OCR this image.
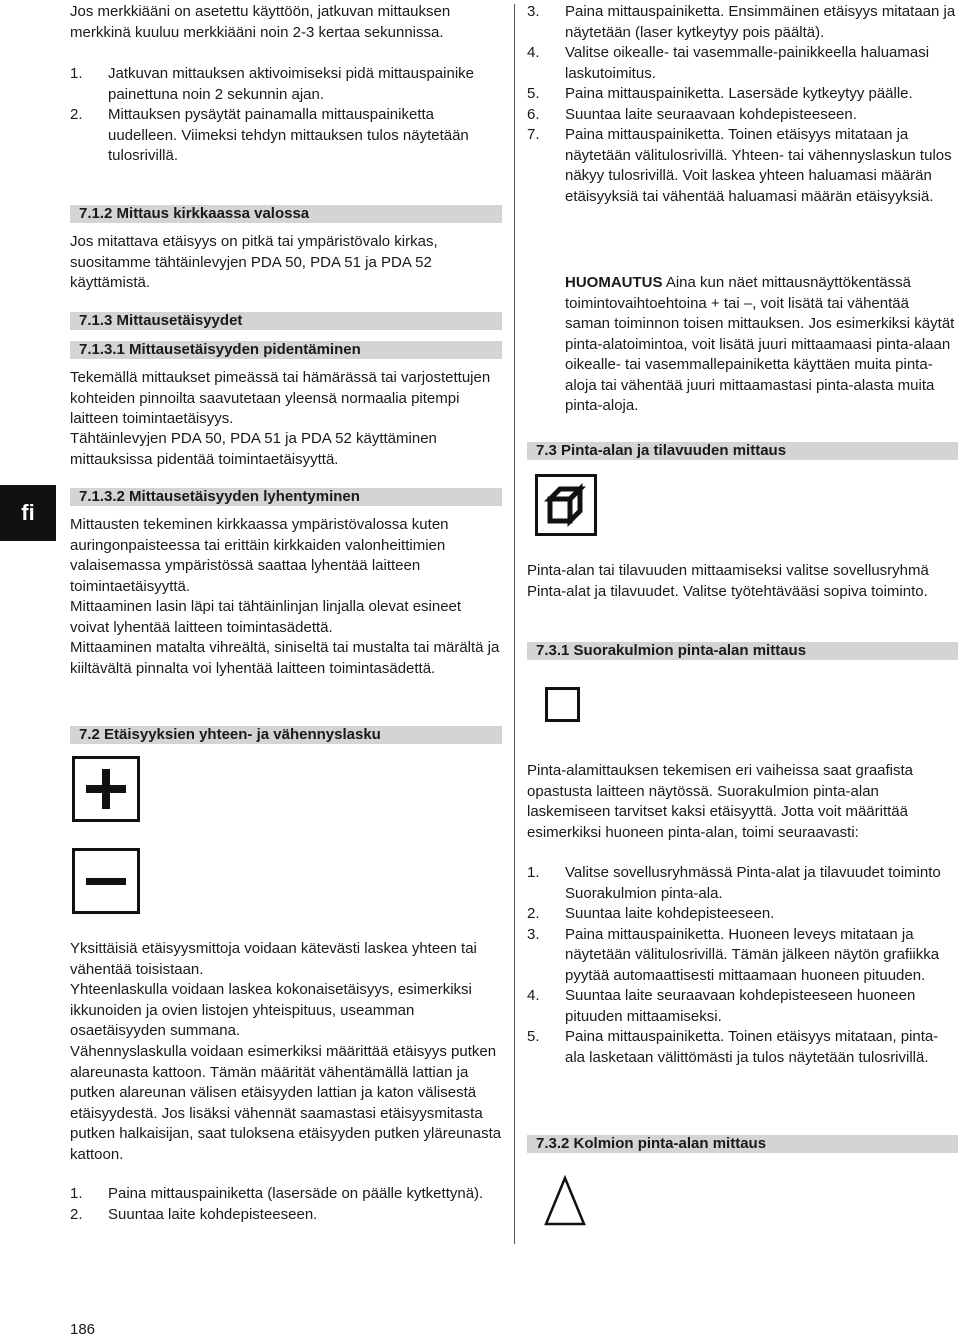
fi

Jos merkkiääni on asetettu käyttöön, jatkuvan mittauksen merkkinä kuuluu merkkiääni noin 2-3 kertaa sekunnissa.

1.	Jatkuvan mittauksen aktivoimiseksi pidä mittauspainike painettuna noin 2 sekunnin ajan.
2.	Mittauksen pysäytät painamalla mittauspainiketta uudelleen. Viimeksi tehdyn mittauksen tulos näytetään tulosrivillä.
7.1.2 Mittaus kirkkaassa valossa

Jos mitattava etäisyys on pitkä tai ympäristövalo kirkas, suositamme tähtäinlevyjen PDA 50, PDA 51 ja PDA 52 käyttämistä.

7.1.3 Mittausetäisyydet
7.1.3.1 Mittausetäisyyden pidentäminen

Tekemällä mittaukset pimeässä tai hämärässä tai varjostettujen kohteiden pinnoilta saavutetaan yleensä normaalia pitempi laitteen toimintaetäisyys.

Tähtäinlevyjen PDA 50, PDA 51 ja PDA 52 käyttäminen mittauksissa pidentää toimintaetäisyyttä.

7.1.3.2 Mittausetäisyyden lyhentyminen

Mittausten tekeminen kirkkaassa ympäristövalossa kuten auringonpaisteessa tai erittäin kirkkaiden valonheittimien valaisemassa ympäristössä saattaa lyhentää laitteen toimintaetäisyyttä.

Mittaaminen lasin läpi tai tähtäinlinjan linjalla olevat esineet voivat lyhentää laitteen toimintasädettä.

Mittaaminen matalta vihreältä, siniseltä tai mustalta tai märältä ja kiiltävältä pinnalta voi lyhentää laitteen toimintasädettä.

7.2 Etäisyyksien yhteen- ja vähennyslasku

Yksittäisiä etäisyysmittoja voidaan kätevästi laskea yhteen tai vähentää toisistaan.

Yhteenlaskulla voidaan laskea kokonaisetäisyys, esimerkiksi ikkunoiden ja ovien listojen yhteispituus, useamman osaetäisyyden summana.

Vähennyslaskulla voidaan esimerkiksi määrittää etäisyys putken alareunasta kattoon. Tämän määrität vähentämällä lattian ja putken alareunan välisen etäisyyden lattian ja katon välisestä etäisyydestä. Jos lisäksi vähennät saamastasi etäisyysmitasta putken halkaisijan, saat tuloksena etäisyyden putken yläreunasta kattoon.

1.	Paina mittauspainiketta (lasersäde on päälle kytkettynä).
2.	Suuntaa laite kohdepisteeseen.
3.	Paina mittauspainiketta. Ensimmäinen etäisyys mitataan ja näytetään (laser kytkeytyy pois päältä).
4.	Valitse oikealle- tai vasemmalle-painikkeella haluamasi laskutoimitus.
5.	Paina mittauspainiketta. Lasersäde kytkeytyy päälle.
6.	Suuntaa laite seuraavaan kohdepisteeseen.
7.	Paina mittauspainiketta. Toinen etäisyys mitataan ja näytetään välitulosrivillä. Yhteen- tai vähennyslaskun tulos näkyy tulosrivillä. Voit laskea yhteen haluamasi määrän etäisyyksiä tai vähentää haluamasi määrän etäisyyksiä.

HUOMAUTUS Aina kun näet mittausnäyttökentässä toimintovaihtoehtoina + tai –, voit lisätä tai vähentää saman toiminnon toisen mittauksen. Jos esimerkiksi käytät pinta-alatoimintoa, voit lisätä juuri mittaamaasi pinta-alaan oikealle- tai vasemmallepainiketta käyttäen muita pinta-aloja tai vähentää juuri mittaamastasi pinta-alasta muita pinta-aloja.

7.3 Pinta-alan ja tilavuuden mittaus

Pinta-alan tai tilavuuden mittaamiseksi valitse sovellusryhmä Pinta-alat ja tilavuudet. Valitse työtehtävääsi sopiva toiminto.

7.3.1 Suorakulmion pinta-alan mittaus

Pinta-alamittauksen tekemisen eri vaiheissa saat graafista opastusta laitteen näytössä. Suorakulmion pinta-alan laskemiseen tarvitset kaksi etäisyyttä. Jotta voit määrittää esimerkiksi huoneen pinta-alan, toimi seuraavasti:

1.	Valitse sovellusryhmässä Pinta-alat ja tilavuudet toiminto Suorakulmion pinta-ala.
2.	Suuntaa laite kohdepisteeseen.
3.	Paina mittauspainiketta. Huoneen leveys mitataan ja näytetään välitulosrivillä. Tämän jälkeen näytön grafiikka pyytää automaattisesti mittaamaan huoneen pituuden.
4.	Suuntaa laite seuraavaan kohdepisteeseen huoneen pituuden mittaamiseksi.
5.	Paina mittauspainiketta. Toinen etäisyys mitataan, pinta-ala lasketaan välittömästi ja tulos näytetään tulosrivillä.
7.3.2 Kolmion pinta-alan mittaus
186
